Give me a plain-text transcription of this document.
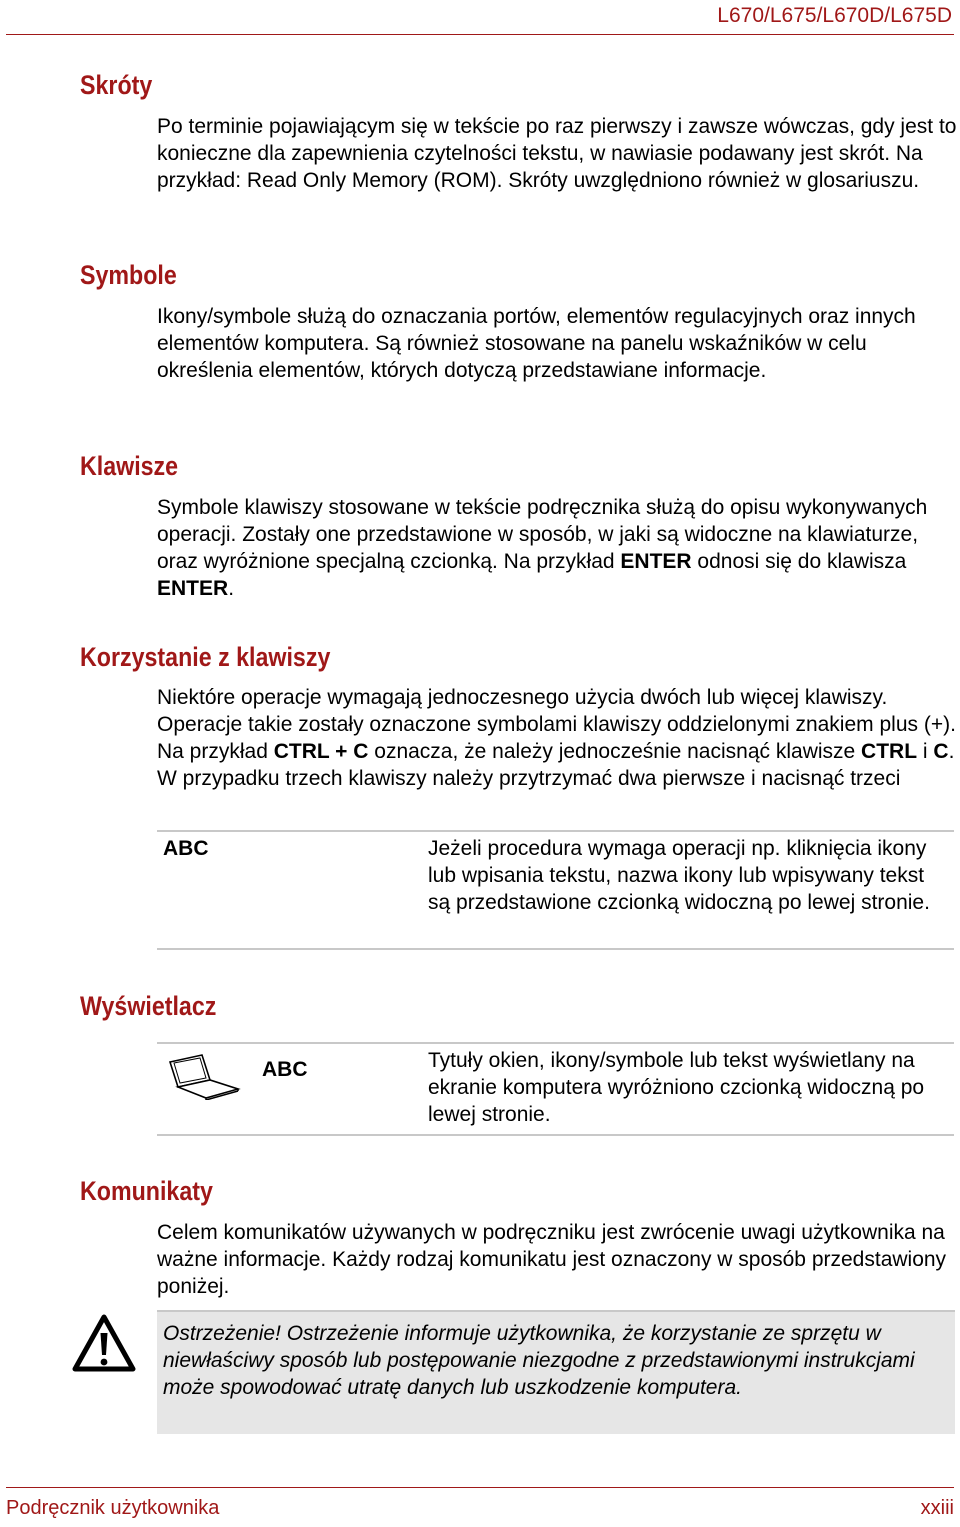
L670/L675/L670D/L675D
Skróty

Po terminie pojawiającym się w tekście po raz pierwszy i zawsze wówczas, gdy jest to konieczne dla zapewnienia czytelności tekstu, w nawiasie podawany jest skrót. Na przykład: Read Only Memory (ROM). Skróty uwzględniono również w glosariuszu.

Symbole

Ikony/symbole służą do oznaczania portów, elementów regulacyjnych oraz innych elementów komputera. Są również stosowane na panelu wskaźników w celu określenia elementów, których dotyczą przedstawiane informacje.

Klawisze

Symbole klawiszy stosowane w tekście podręcznika służą do opisu wykonywanych operacji. Zostały one przedstawione w sposób, w jaki są widoczne na klawiaturze, oraz wyróżnione specjalną czcionką. Na przykład ENTER odnosi się do klawisza ENTER.

Korzystanie z klawiszy

Niektóre operacje wymagają jednoczesnego użycia dwóch lub więcej klawiszy. Operacje takie zostały oznaczone symbolami klawiszy oddzielonymi znakiem plus (+). Na przykład CTRL + C oznacza, że należy jednocześnie nacisnąć klawisze CTRL i C. W przypadku trzech klawiszy należy przytrzymać dwa pierwsze i nacisnąć trzeci

ABC	Jeżeli procedura wymaga operacji np. kliknięcia ikony lub wpisania tekstu, nazwa ikony lub wpisywany tekst są przedstawione czcionką widoczną po lewej stronie.
Wyświetlacz
ABC	Tytuły okien, ikony/symbole lub tekst wyświetlany na ekranie komputera wyróżniono czcionką widoczną po lewej stronie.
Komunikaty

Celem komunikatów używanych w podręczniku jest zwrócenie uwagi użytkownika na ważne informacje. Każdy rodzaj komunikatu jest oznaczony w sposób przedstawiony poniżej.

Ostrzeżenie! Ostrzeżenie informuje użytkownika, że korzystanie ze sprzętu w niewłaściwy sposób lub postępowanie niezgodne z przedstawionymi instrukcjami może spowodować utratę danych lub uszkodzenie komputera.

Podręcznik użytkownika	xxiii
